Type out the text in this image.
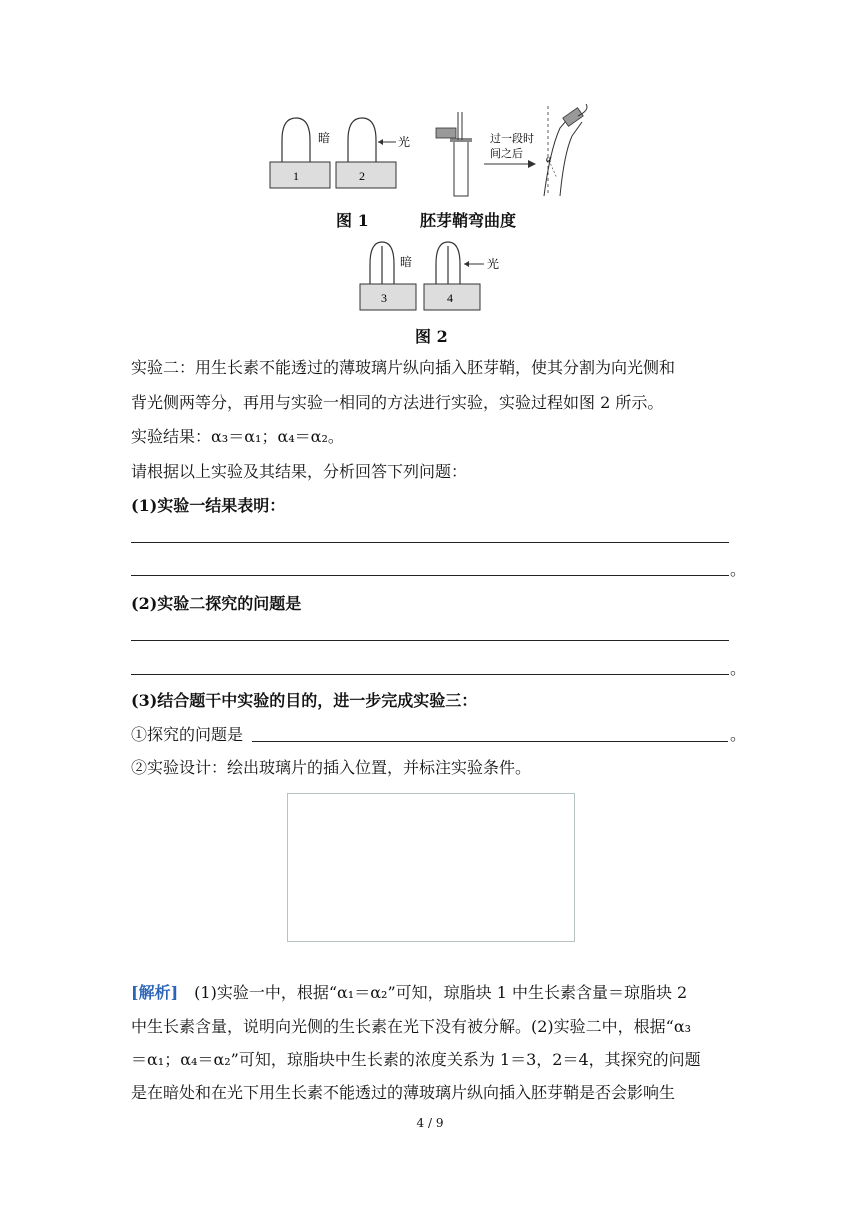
1
暗
2
光	过一段时
间之后 α
图 1	胚芽鞘弯曲度
3
暗
4
光
图 2
实验二：用生长素不能透过的薄玻璃片纵向插入胚芽鞘，使其分割为向光侧和
背光侧两等分，再用与实验一相同的方法进行实验，实验过程如图 2 所示。
实验结果：α₃＝α₁；α₄＝α₂。
请根据以上实验及其结果，分析回答下列问题：
(1)实验一结果表明：
。
(2)实验二探究的问题是
。
(3)结合题干中实验的目的，进一步完成实验三：
①探究的问题是	。
②实验设计：绘出玻璃片的插入位置，并标注实验条件。
[解析] (1)实验一中，根据“α₁＝α₂”可知，琼脂块 1 中生长素含量＝琼脂块 2
中生长素含量，说明向光侧的生长素在光下没有被分解。(2)实验二中，根据“α₃
＝α₁；α₄＝α₂”可知，琼脂块中生长素的浓度关系为 1＝3，2＝4，其探究的问题
是在暗处和在光下用生长素不能透过的薄玻璃片纵向插入胚芽鞘是否会影响生
4 / 9
